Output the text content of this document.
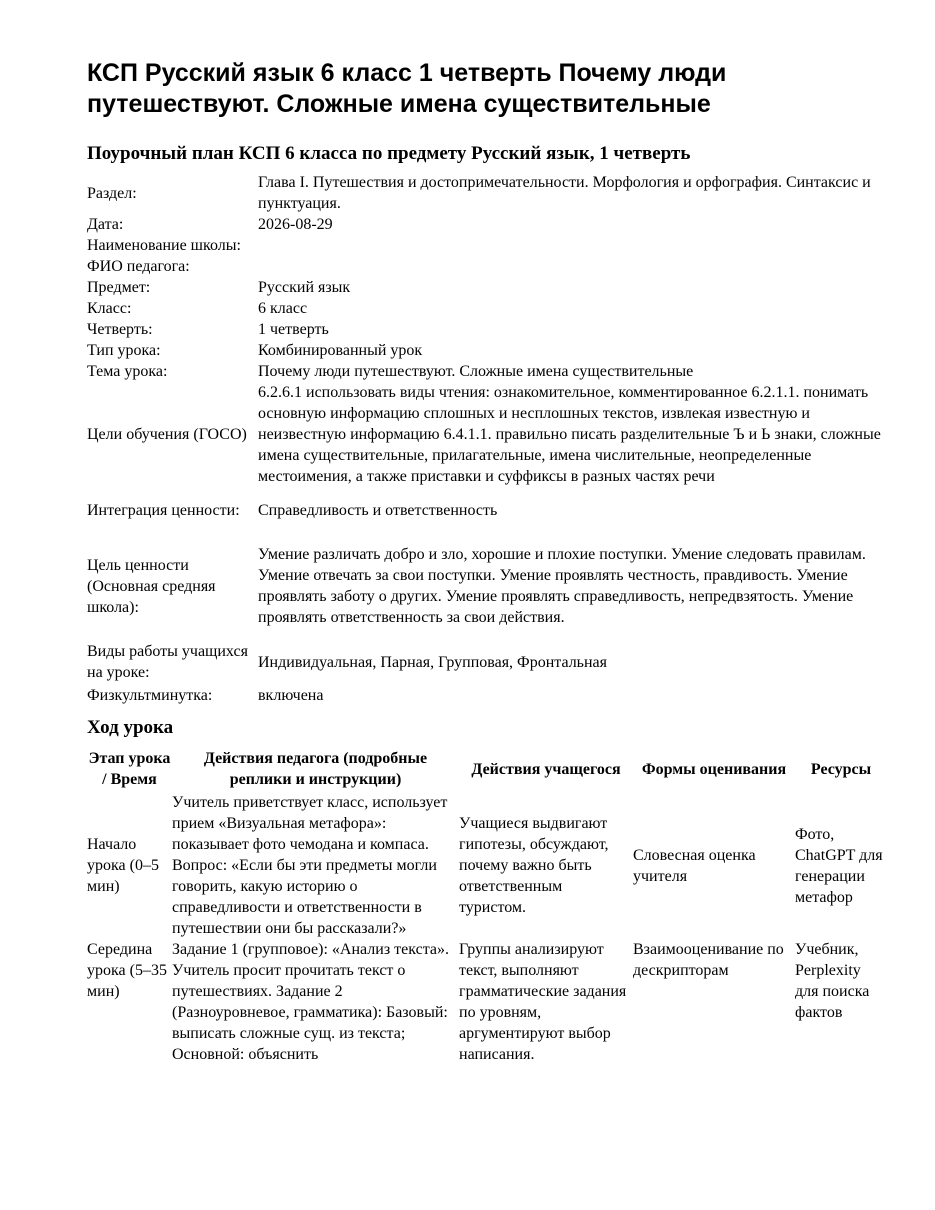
КСП Русский язык 6 класс 1 четверть Почему люди путешествуют. Сложные имена существительные
Поурочный план КСП 6 класса по предмету Русский язык, 1 четверть
Раздел:	Глава I. Путешествия и достопримечательности. Морфология и орфография. Синтаксис и пунктуация.
Дата:	2026-08-29
Наименование школы:	
ФИО педагога:	
Предмет:	Русский язык
Класс:	6 класс
Четверть:	1 четверть
Тип урока:	Комбинированный урок
Тема урока:	Почему люди путешествуют. Сложные имена существительные
Цели обучения (ГОСО)	6.2.6.1 использовать виды чтения: ознакомительное, комментированное 6.2.1.1. понимать основную информацию сплошных и несплошных текстов, извлекая известную и неизвестную информацию 6.4.1.1. правильно писать разделительные Ъ и Ь знаки, сложные имена существительные, прилагательные, имена числительные, неопределенные местоимения, а также приставки и суффиксы в разных частях речи
Интеграция ценности:	Справедливость и ответственность
Цель ценности (Основная средняя школа):	Умение различать добро и зло, хорошие и плохие поступки. Умение следовать правилам. Умение отвечать за свои поступки. Умение проявлять честность, правдивость. Умение проявлять заботу о других. Умение проявлять справедливость, непредвзятость. Умение проявлять ответственность за свои действия.
Виды работы учащихся на уроке:	Индивидуальная, Парная, Групповая, Фронтальная
Физкультминутка:	включена
Ход урока
Этап урока / Время	Действия педагога (подробные реплики и инструкции)	Действия учащегося	Формы оценивания	Ресурсы
Начало урока (0–5 мин)	Учитель приветствует класс, использует прием «Визуальная метафора»: показывает фото чемодана и компаса. Вопрос: «Если бы эти предметы могли говорить, какую историю о справедливости и ответственности в путешествии они бы рассказали?»	Учащиеся выдвигают гипотезы, обсуждают, почему важно быть ответственным туристом.	Словесная оценка учителя	Фото, ChatGPT для генерации метафор
Середина урока (5–35 мин)	Задание 1 (групповое): «Анализ текста». Учитель просит прочитать текст о путешествиях. Задание 2 (Разноуровневое, грамматика): Базовый: выписать сложные сущ. из текста; Основной: объяснить	Группы анализируют текст, выполняют грамматические задания по уровням, аргументируют выбор написания.	Взаимооценивание по дескрипторам	Учебник, Perplexity для поиска фактов
